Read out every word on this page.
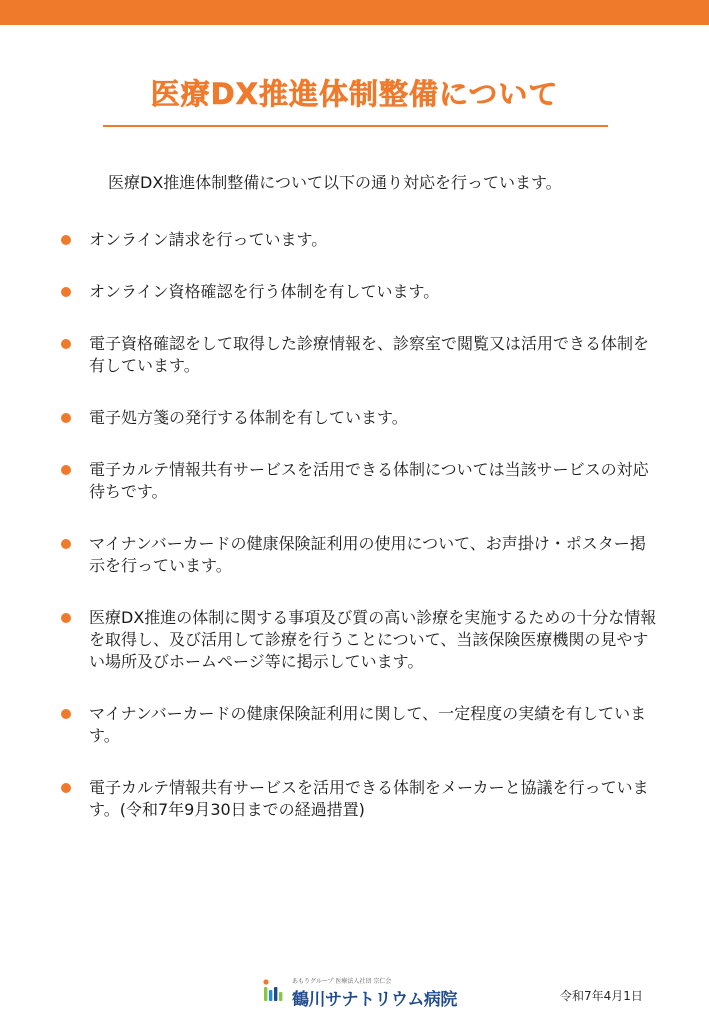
医療DX推進体制整備について

医療DX推進体制整備について以下の通り対応を行っています。

オンライン請求を行っています。
オンライン資格確認を行う体制を有しています。
電子資格確認をして取得した診療情報を、診察室で閲覧又は活用できる体制を有しています。
電子処方箋の発行する体制を有しています。
電子カルテ情報共有サービスを活用できる体制については当該サービスの対応待ちです。
マイナンバーカードの健康保険証利用の使用について、お声掛け・ポスター掲示を行っています。
医療DX推進の体制に関する事項及び質の高い診療を実施するための十分な情報を取得し、及び活用して診療を行うことについて、当該保険医療機関の見やすい場所及びホームページ等に掲示しています。
マイナンバーカードの健康保険証利用に関して、一定程度の実績を有しています。
電子カルテ情報共有サービスを活用できる体制をメーカーと協議を行っています。(令和7年9月30日までの経過措置)
あもりグループ 医療法人社団 宗仁会
鶴川サナトリウム病院	令和7年4月1日
